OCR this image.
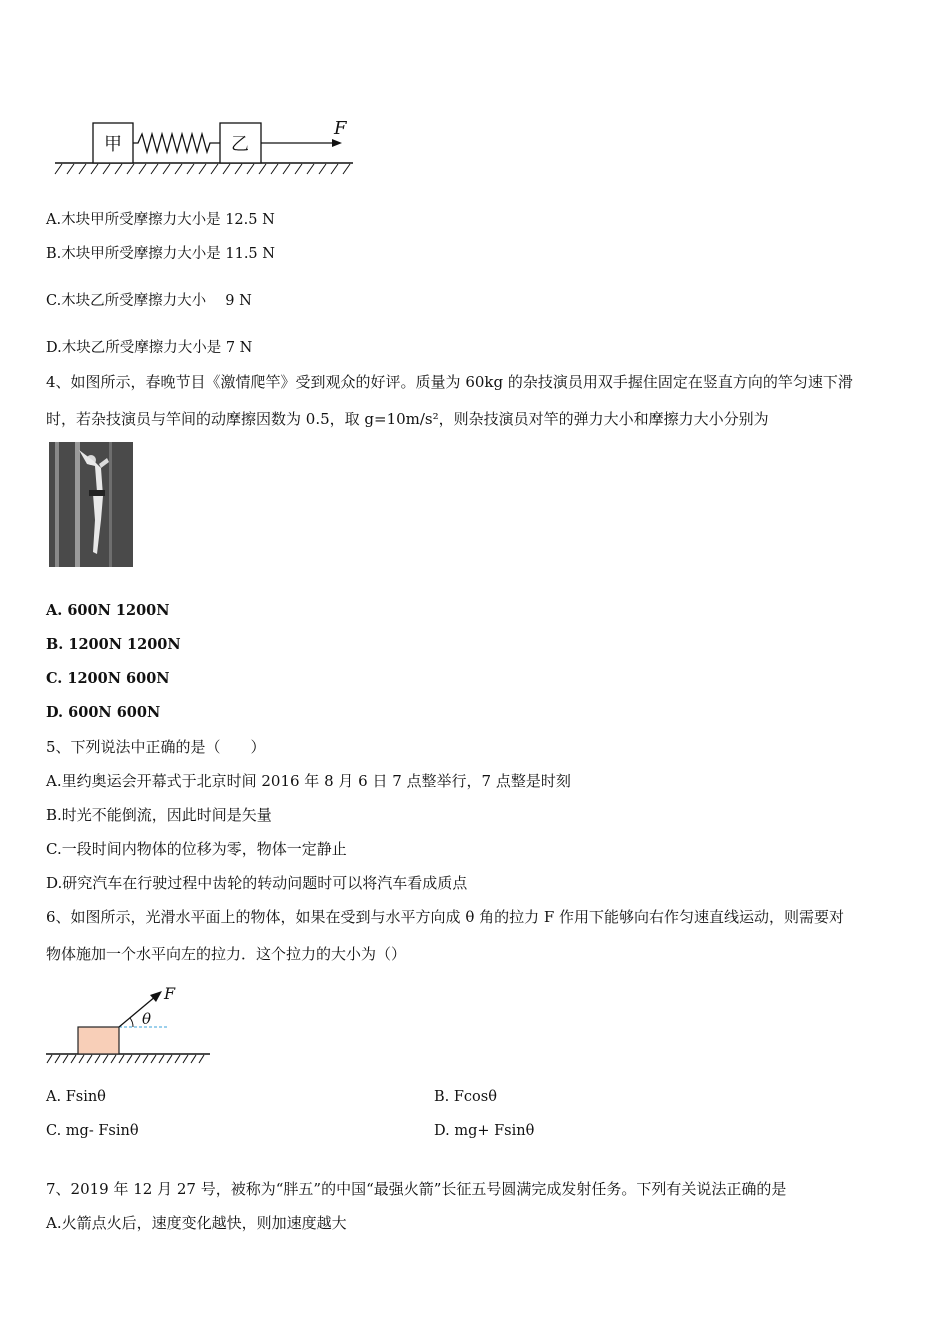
甲	乙
F
A.木块甲所受摩擦力大小是 12.5 N
B.木块甲所受摩擦力大小是 11.5 N
C.木块乙所受摩擦力大小　 9 N
D.木块乙所受摩擦力大小是 7 N
4、如图所示，春晚节目《激情爬竿》受到观众的好评。质量为 60kg 的杂技演员用双手握住固定在竖直方向的竿匀速下滑
时，若杂技演员与竿间的动摩擦因数为 0.5，取 g=10m/s²，则杂技演员对竿的弹力大小和摩擦力大小分别为
A. 600N 1200N
B. 1200N 1200N
C. 1200N 600N
D. 600N 600N
5、下列说法中正确的是（　　）
A.里约奥运会开幕式于北京时间 2016 年 8 月 6 日 7 点整举行，7 点整是时刻
B.时光不能倒流，因此时间是矢量
C.一段时间内物体的位移为零，物体一定静止
D.研究汽车在行驶过程中齿轮的转动问题时可以将汽车看成质点
6、如图所示，光滑水平面上的物体，如果在受到与水平方向成 θ 角的拉力 F 作用下能够向右作匀速直线运动，则需要对
物体施加一个水平向左的拉力．这个拉力的大小为（）
θ
F
A. Fsinθ	B. Fcosθ
C. mg- Fsinθ	D. mg+ Fsinθ
7、2019 年 12 月 27 号，被称为“胖五”的中国“最强火箭”长征五号圆满完成发射任务。下列有关说法正确的是
A.火箭点火后，速度变化越快，则加速度越大
